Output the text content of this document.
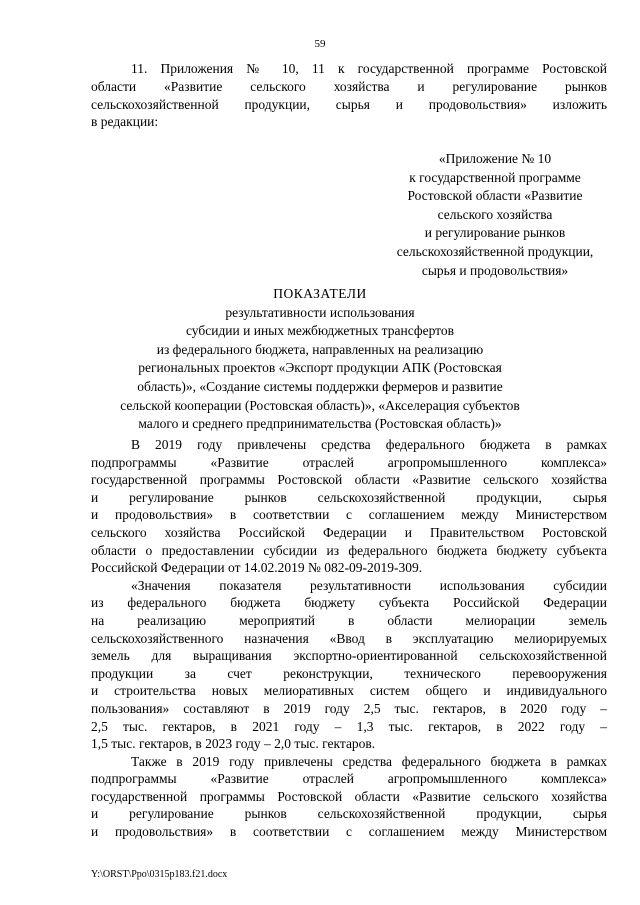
59
11. Приложения № 10, 11 к государственной программе Ростовской
области «Развитие сельского хозяйства и регулирование рынков
сельскохозяйственной продукции, сырья и продовольствия» изложить
в редакции:
«Приложение № 10
к государственной программе
Ростовской области «Развитие
сельского хозяйства
и регулирование рынков
сельскохозяйственной продукции,
сырья и продовольствия»
ПОКАЗАТЕЛИ
результативности использования
субсидии и иных межбюджетных трансфертов
из федерального бюджета, направленных на реализацию
региональных проектов «Экспорт продукции АПК (Ростовская
область)», «Создание системы поддержки фермеров и развитие
сельской кооперации (Ростовская область)», «Акселерация субъектов
малого и среднего предпринимательства (Ростовская область)»
В 2019 году привлечены средства федерального бюджета в рамках
подпрограммы «Развитие отраслей агропромышленного комплекса»
государственной программы Ростовской области «Развитие сельского хозяйства
и регулирование рынков сельскохозяйственной продукции, сырья
и продовольствия» в соответствии с соглашением между Министерством
сельского хозяйства Российской Федерации и Правительством Ростовской
области о предоставлении субсидии из федерального бюджета бюджету субъекта
Российской Федерации от 14.02.2019 № 082-09-2019-309.
«Значения показателя результативности использования субсидии
из федерального бюджета бюджету субъекта Российской Федерации
на реализацию мероприятий в области мелиорации земель
сельскохозяйственного назначения «Ввод в эксплуатацию мелиорируемых
земель для выращивания экспортно-ориентированной сельскохозяйственной
продукции за счет реконструкции, технического перевооружения
и строительства новых мелиоративных систем общего и индивидуального
пользования» составляют в 2019 году 2,5 тыс. гектаров, в 2020 году –
2,5 тыс. гектаров, в 2021 году – 1,3 тыс. гектаров, в 2022 году –
1,5 тыс. гектаров, в 2023 году – 2,0 тыс. гектаров.
Также в 2019 году привлечены средства федерального бюджета в рамках
подпрограммы «Развитие отраслей агропромышленного комплекса»
государственной программы Ростовской области «Развитие сельского хозяйства
и регулирование рынков сельскохозяйственной продукции, сырья
и продовольствия» в соответствии с соглашением между Министерством
Y:\ORST\Ppo\0315p183.f21.docx
